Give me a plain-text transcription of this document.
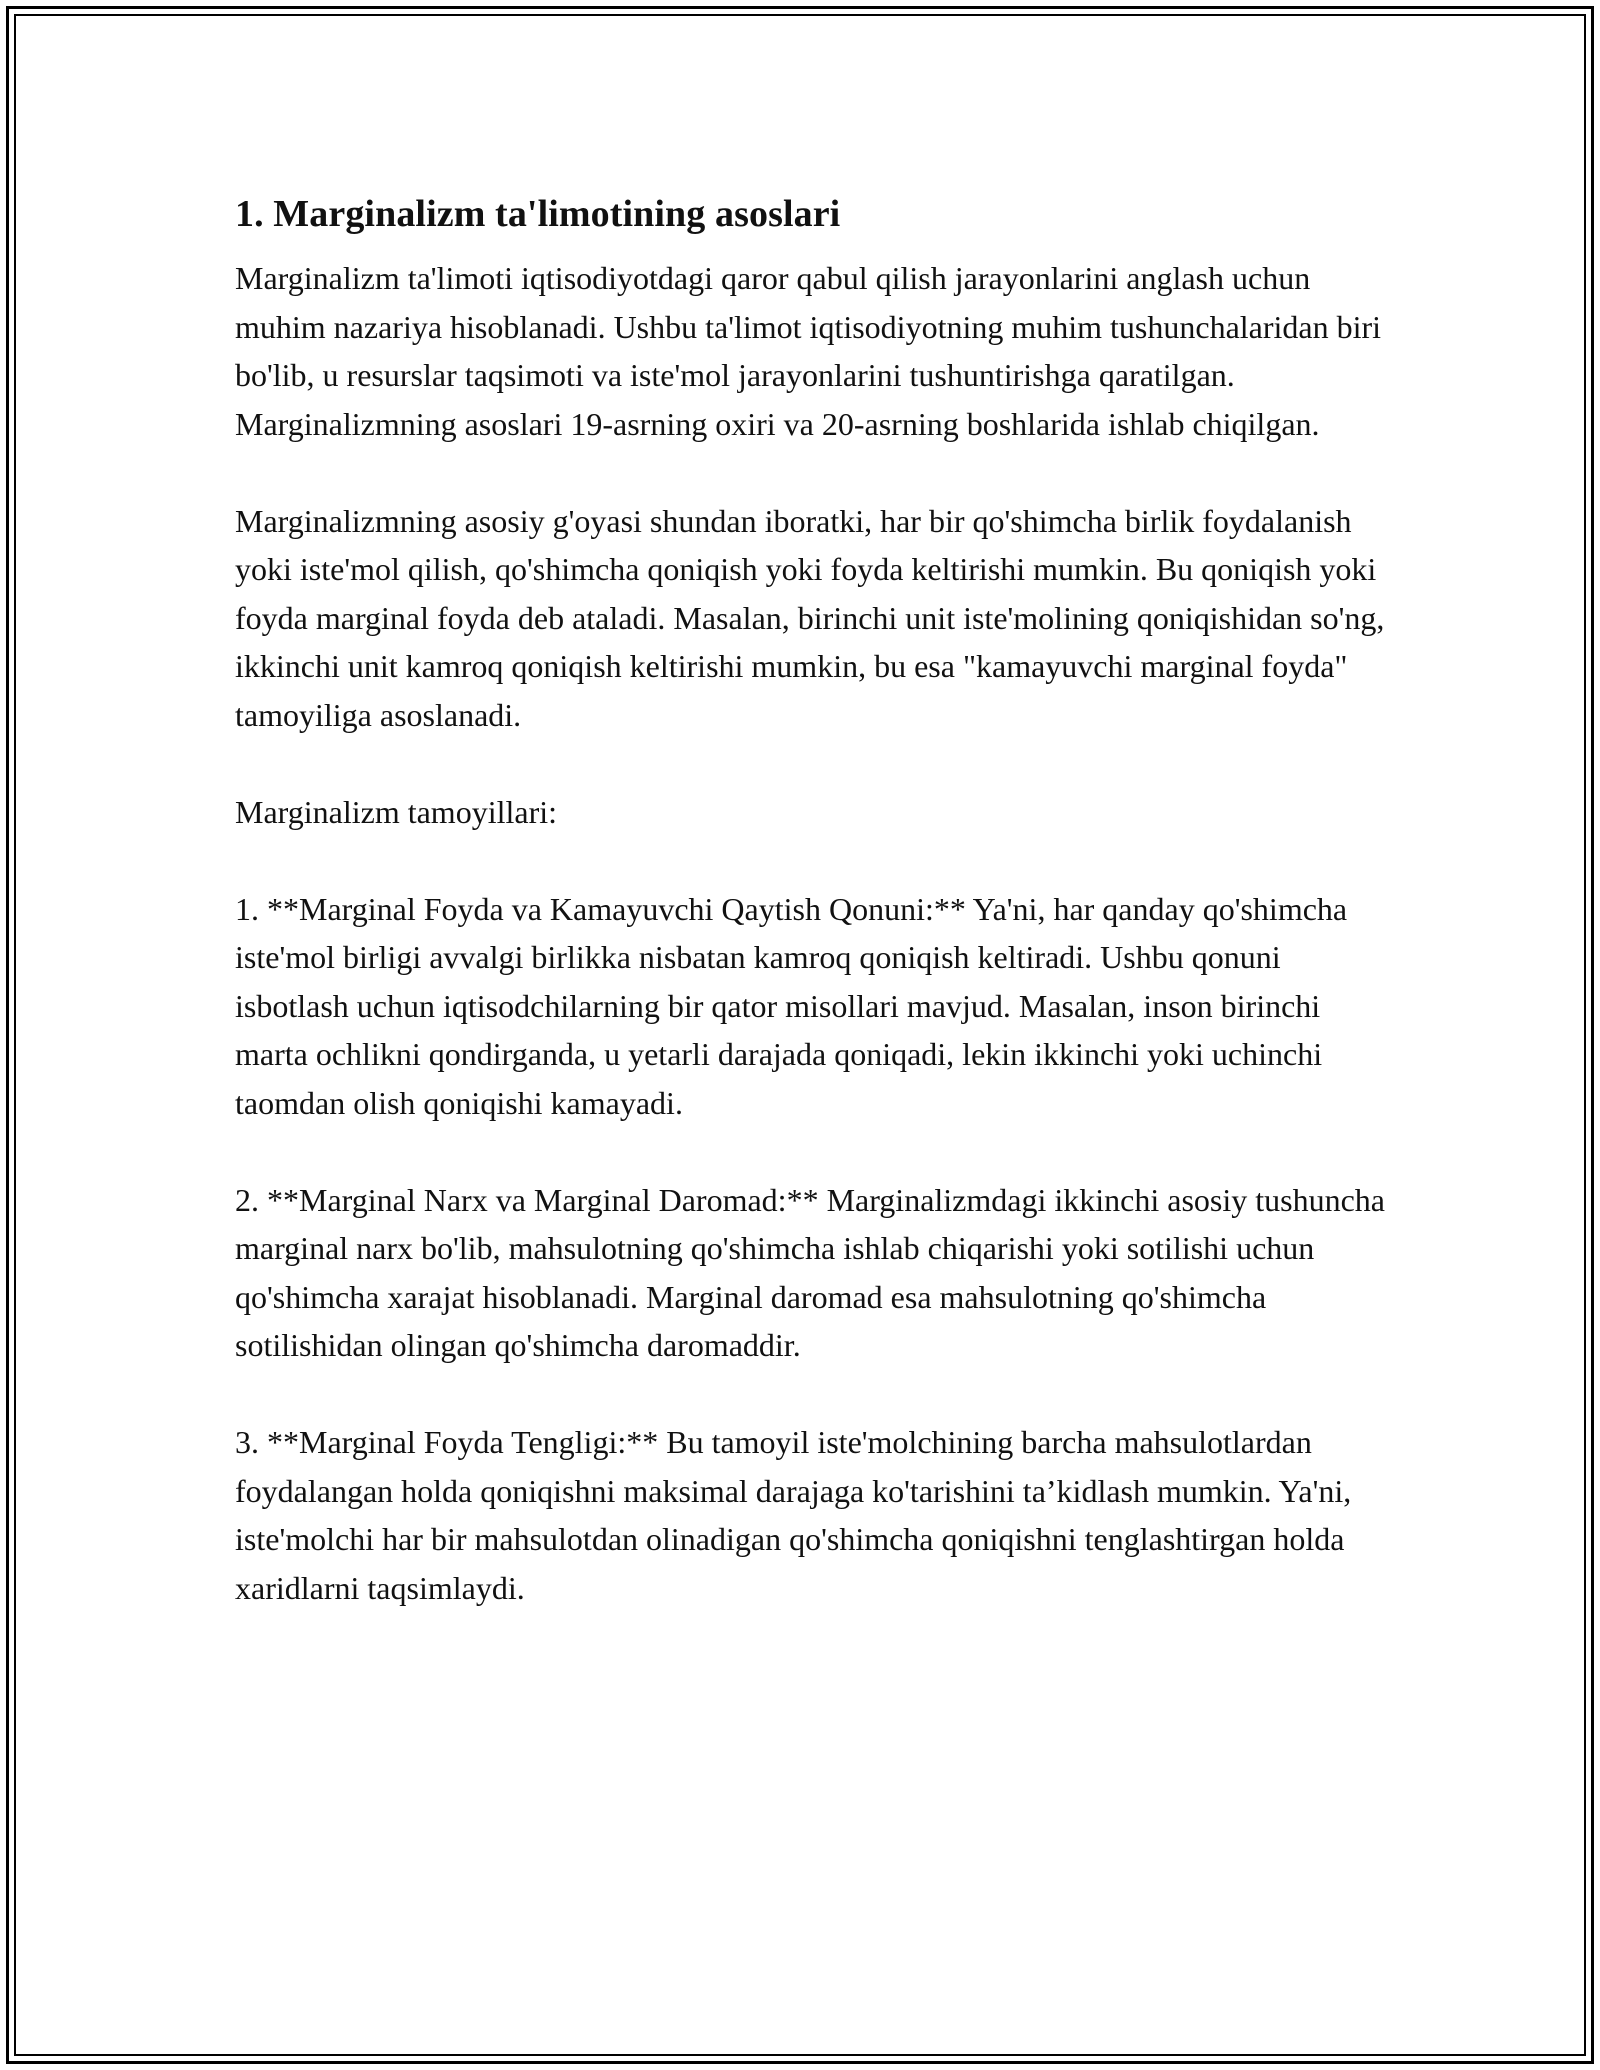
1. Marginalizm ta'limotining asoslari

Marginalizm ta'limoti iqtisodiyotdagi qaror qabul qilish jarayonlarini anglash uchun muhim nazariya hisoblanadi. Ushbu ta'limot iqtisodiyotning muhim tushunchalaridan biri bo'lib, u resurslar taqsimoti va iste'mol jarayonlarini tushuntirishga qaratilgan. Marginalizmning asoslari 19-asrning oxiri va 20-asrning boshlarida ishlab chiqilgan.

Marginalizmning asosiy g'oyasi shundan iboratki, har bir qo'shimcha birlik foydalanish yoki iste'mol qilish, qo'shimcha qoniqish yoki foyda keltirishi mumkin. Bu qoniqish yoki foyda marginal foyda deb ataladi. Masalan, birinchi unit iste'molining qoniqishidan so'ng, ikkinchi unit kamroq qoniqish keltirishi mumkin, bu esa "kamayuvchi marginal foyda" tamoyiliga asoslanadi.

Marginalizm tamoyillari:

1. **Marginal Foyda va Kamayuvchi Qaytish Qonuni:** Ya'ni, har qanday qo'shimcha iste'mol birligi avvalgi birlikka nisbatan kamroq qoniqish keltiradi. Ushbu qonuni isbotlash uchun iqtisodchilarning bir qator misollari mavjud. Masalan, inson birinchi marta ochlikni qondirganda, u yetarli darajada qoniqadi, lekin ikkinchi yoki uchinchi taomdan olish qoniqishi kamayadi.

2. **Marginal Narx va Marginal Daromad:** Marginalizmdagi ikkinchi asosiy tushuncha marginal narx bo'lib, mahsulotning qo'shimcha ishlab chiqarishi yoki sotilishi uchun qo'shimcha xarajat hisoblanadi. Marginal daromad esa mahsulotning qo'shimcha sotilishidan olingan qo'shimcha daromaddir.

3. **Marginal Foyda Tengligi:** Bu tamoyil iste'molchining barcha mahsulotlardan foydalangan holda qoniqishni maksimal darajaga ko'tarishini ta’kidlash mumkin. Ya'ni, iste'molchi har bir mahsulotdan olinadigan qo'shimcha qoniqishni tenglashtirgan holda xaridlarni taqsimlaydi.
